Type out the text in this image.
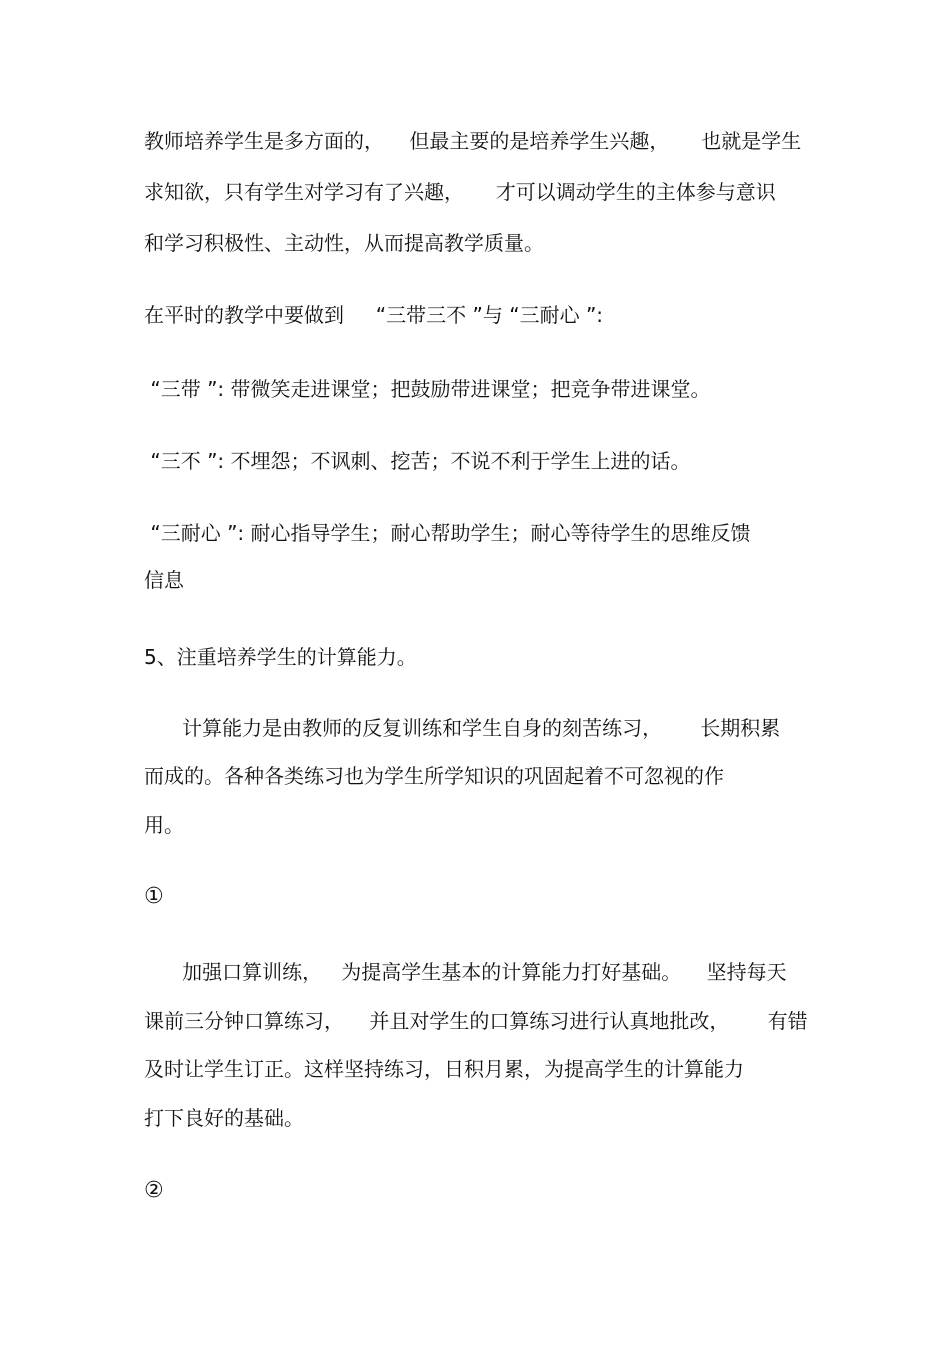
教师培养学生是多方面的，    但最主要的是培养学生兴趣，     也就是学生
求知欲，只有学生对学习有了兴趣，     才可以调动学生的主体参与意识
和学习积极性、主动性，从而提高教学质量。
在平时的教学中要做到     “三带三不 ”与 “三耐心 ”:
“三带 ”: 带微笑走进课堂；把鼓励带进课堂；把竞争带进课堂。
“三不 ”: 不埋怨；不讽刺、挖苦；不说不利于学生上进的话。
“三耐心 ”: 耐心指导学生；耐心帮助学生；耐心等待学生的思维反馈
信息
5、注重培养学生的计算能力。
计算能力是由教师的反复训练和学生自身的刻苦练习，      长期积累
而成的。各种各类练习也为学生所学知识的巩固起着不可忽视的作
用。
①
加强口算训练，   为提高学生基本的计算能力打好基础。    坚持每天
课前三分钟口算练习，    并且对学生的口算练习进行认真地批改，      有错
及时让学生订正。这样坚持练习，日积月累，为提高学生的计算能力
打下良好的基础。
②
